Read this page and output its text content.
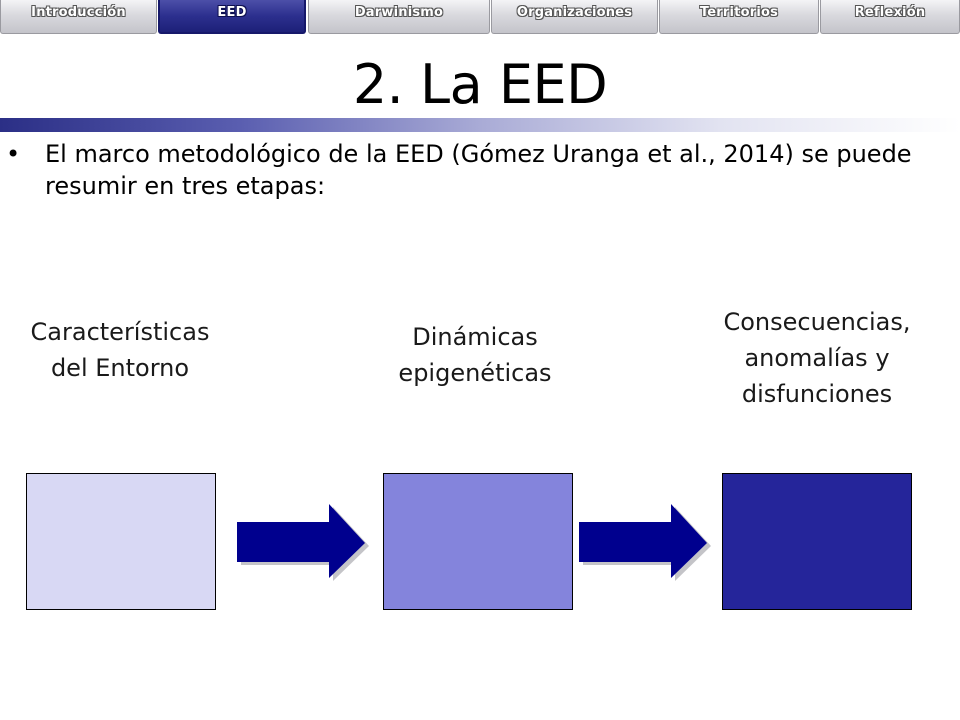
Introducción	EED	Darwinismo	Organizaciones	Territorios	Reflexión
2. La EED
•	El marco metodológico de la EED (Gómez Uranga et al., 2014) se puede resumir en tres etapas:
Características
del Entorno
Dinámicas
epigenéticas
Consecuencias,
anomalías y
disfunciones
